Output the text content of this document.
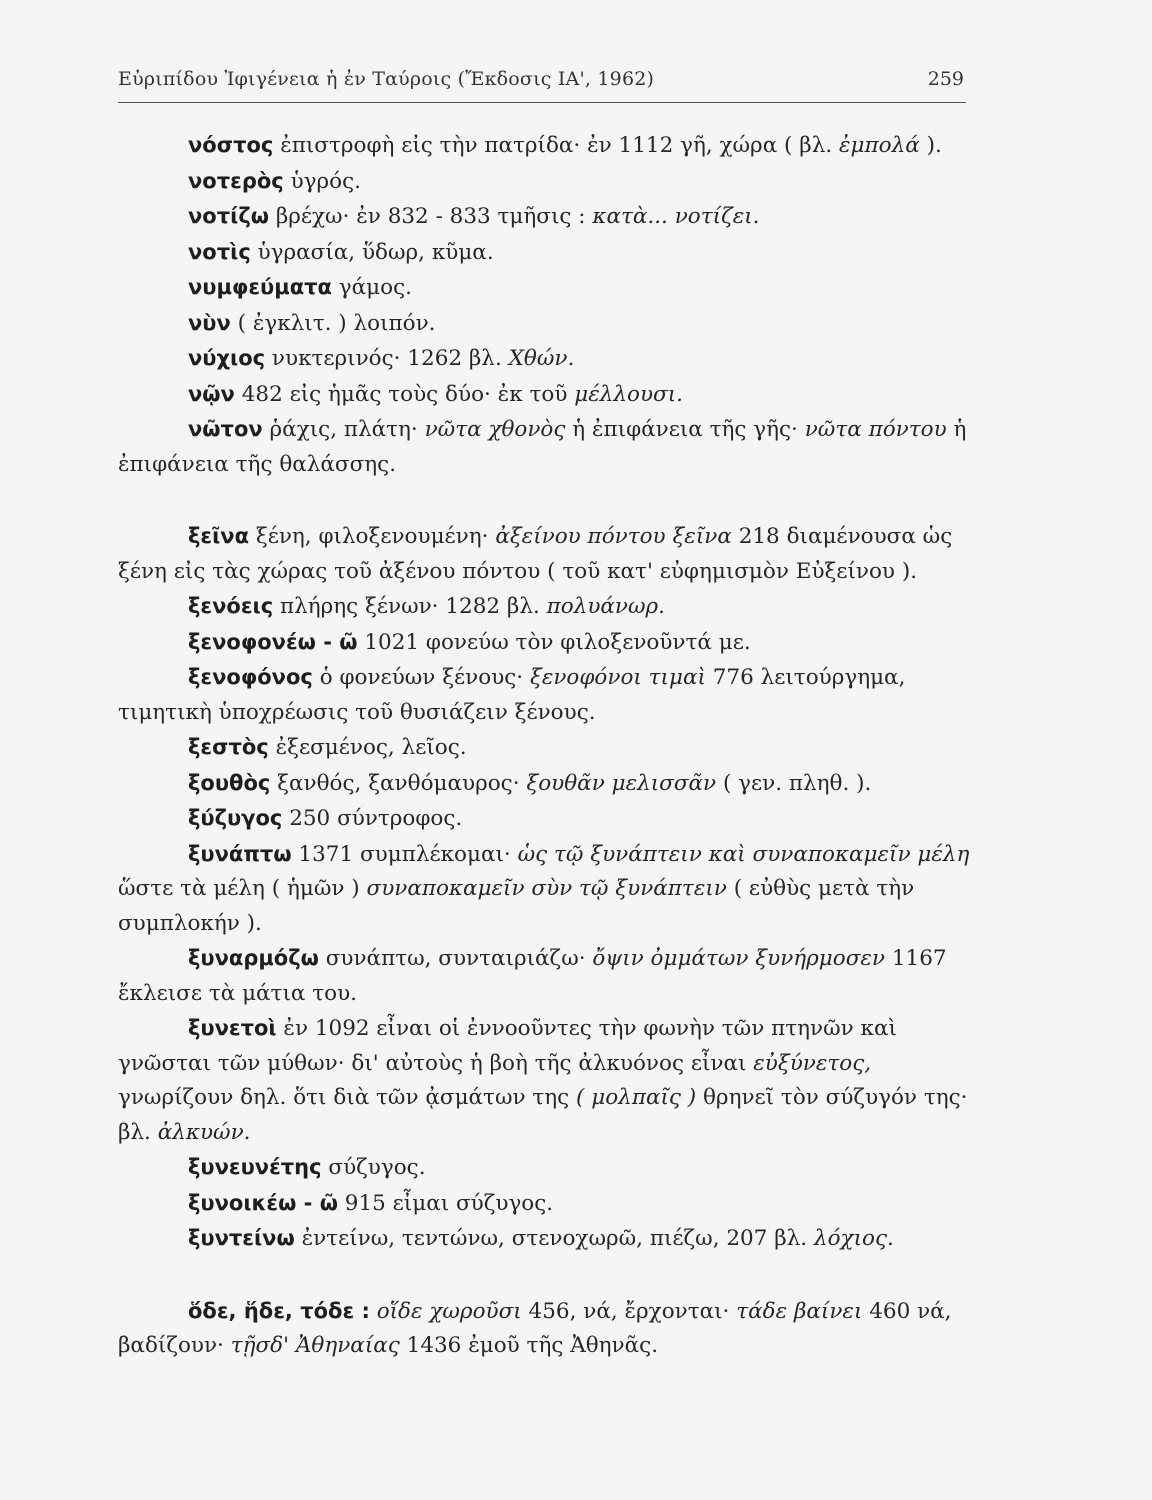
Εὐριπίδου Ἰφιγένεια ἡ ἐν Ταύροις (Ἔκδοσις ΙΑ', 1962)	259

νόστος ἐπιστροφὴ εἰς τὴν πατρίδα· ἐν 1112 γῆ, χώρα ( βλ. ἐμπολά ).

νοτερὸς ὑγρός.

νοτίζω βρέχω· ἐν 832 - 833 τμῆσις : κατὰ... νοτίζει.

νοτὶς ὑγρασία, ὕδωρ, κῦμα.

νυμφεύματα γάμος.

νὺν ( ἐγκλιτ. ) λοιπόν.

νύχιος νυκτερινός· 1262 βλ. Χθών.

νῷν 482 εἰς ἡμᾶς τοὺς δύο· ἐκ τοῦ μέλλουσι.

νῶτον ῥάχις, πλάτη· νῶτα χθονὸς ἡ ἐπιφάνεια τῆς γῆς· νῶτα πόντου ἡ ἐπιφάνεια τῆς θαλάσσης.

ξεῖνα ξένη, φιλοξενουμένη· ἀξείνου πόντου ξεῖνα 218 διαμένουσα ὡς ξένη εἰς τὰς χώρας τοῦ ἀξένου πόντου ( τοῦ κατ' εὐφημισμὸν Εὐξείνου ).

ξενόεις πλήρης ξένων· 1282 βλ. πολυάνωρ.

ξενοφονέω - ῶ 1021 φονεύω τὸν φιλοξενοῦντά με.

ξενοφόνος ὁ φονεύων ξένους· ξενοφόνοι τιμαὶ 776 λειτούργημα, τιμητικὴ ὑποχρέωσις τοῦ θυσιάζειν ξένους.

ξεστὸς ἐξεσμένος, λεῖος.

ξουθὸς ξανθός, ξανθόμαυρος· ξουθᾶν μελισσᾶν ( γεν. πληθ. ).

ξύζυγος 250 σύντροφος.

ξυνάπτω 1371 συμπλέκομαι· ὡς τῷ ξυνάπτειν καὶ συναποκαμεῖν μέλη ὥστε τὰ μέλη ( ἡμῶν ) συναποκαμεῖν σὺν τῷ ξυνάπτειν ( εὐθὺς μετὰ τὴν συμπλοκήν ).

ξυναρμόζω συνάπτω, συνταιριάζω· ὄψιν ὀμμάτων ξυνήρμοσεν 1167 ἔκλεισε τὰ μάτια του.

ξυνετοὶ ἐν 1092 εἶναι οἱ ἐννοοῦντες τὴν φωνὴν τῶν πτηνῶν καὶ γνῶσται τῶν μύθων· δι' αὐτοὺς ἡ βοὴ τῆς ἀλκυόνος εἶναι εὐξύνετος, γνωρίζουν δηλ. ὅτι διὰ τῶν ᾀσμάτων της ( μολπαῖς ) θρηνεῖ τὸν σύζυγόν της· βλ. ἀλκυών.

ξυνευνέτης σύζυγος.

ξυνοικέω - ῶ 915 εἶμαι σύζυγος.

ξυντείνω ἐντείνω, τεντώνω, στενοχωρῶ, πιέζω, 207 βλ. λόχιος.

ὅδε, ἥδε, τόδε : οἵδε χωροῦσι 456, νά, ἔρχονται· τάδε βαίνει 460 νά, βαδίζουν· τῇσδ' Ἀθηναίας 1436 ἐμοῦ τῆς Ἀθηνᾶς.
